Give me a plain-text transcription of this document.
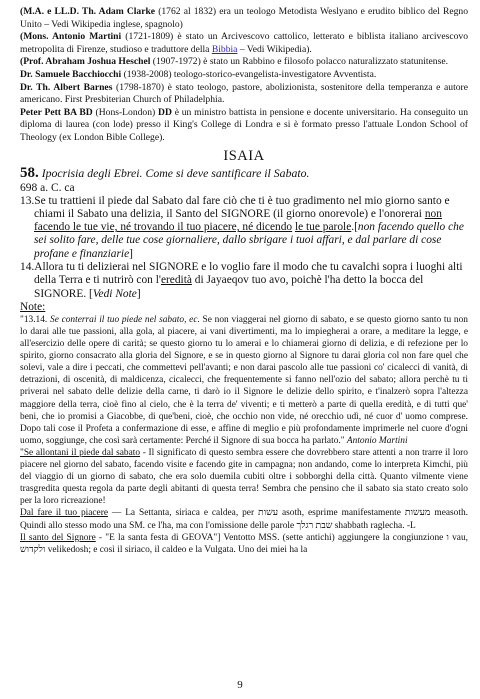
(M.A. e LL.D. Th. Adam Clarke (1762 al 1832) era un teologo Metodista Weslyano e erudito biblico del Regno Unito – Vedi Wikipedia inglese, spagnolo)

(Mons. Antonio Martini (1721-1809) è stato un Arcivescovo cattolico, letterato e biblista italiano arcivescovo metropolita di Firenze, studioso e traduttore della Bibbia – Vedi Wikipedia).

(Prof. Abraham Joshua Heschel (1907-1972) è stato un Rabbino e filosofo polacco naturalizzato statunitense.

Dr. Samuele Bacchiocchi (1938-2008) teologo-storico-evangelista-investigatore Avventista.

Dr. Th. Albert Barnes (1798-1870) è stato teologo, pastore, abolizionista, sostenitore della temperanza e autore americano. First Presbiterian Church of Philadelphia.

Peter Pett BA BD (Hons-London) DD è un ministro battista in pensione e docente universitario. Ha conseguito un diploma di laurea (con lode) presso il King's College di Londra e si è formato presso l'attuale London School of Theology (ex London Bible College).

ISAIA

58. Ipocrisia degli Ebrei. Come si deve santificare il Sabato.

698 a. C. ca

13.Se tu trattieni il piede dal Sabato dal fare ciò che ti è tuo gradimento nel mio giorno santo e chiami il Sabato una delizia, il Santo del SIGNORE (il giorno onorevole) e l'onorerai non facendo le tue vie, né trovando il tuo piacere, né dicendo le tue parole.[non facendo quello che sei solito fare, delle tue cose giornaliere, dallo sbrigare i tuoi affari, e dal parlare di cose profane e finanziarie]

14.Allora tu ti delizierai nel SIGNORE e lo voglio fare il modo che tu cavalchi sopra i luoghi alti della Terra e ti nutrirò con l'eredità di Jayaeqov tuo avo, poichè l'ha detto la bocca del SIGNORE. [Vedi Note]

Note:

"13.14. Se conterrai il tuo piede nel sabato, ec. Se non viaggerai nel giorno di sabato, e se questo giorno santo tu non lo darai alle tue passioni, alla gola, al piacere, ai vani divertimenti, ma lo impiegherai a orare, a meditare la legge, e all'esercizio delle opere di carità; se questo giorno tu lo amerai e lo chiamerai giorno di delizia, e di refezione per lo spirito, giorno consacrato alla gloria del Signore, e se in questo giorno al Signore tu darai gloria col non fare quel che solevi, vale a dire i peccati, che commettevi pell'avanti; e non darai pascolo alle tue passioni co' cicalecci di vanità, di detrazioni, di oscenità, di maldicenza, cicalecci, che frequentemente si fanno nell'ozio del sabato; allora perchè tu ti priverai nel sabato delle delizie della carne, ti darò io il Signore le delizie dello spirito, e t'inalzerò sopra l'altezza maggiore della terra, cioè fino al cielo, che è la terra de' viventi; e ti metterò a parte di quella eredità, e di tutti que' beni, che io promisi a Giacobbe, di que'beni, cioè, che occhio non vide, né orecchio udì, né cuor d' uomo comprese. Dopo tali cose il Profeta a confermazione di esse, e affine di meglio e più profondamente imprimerle nel cuore d'ogni uomo, soggiunge, che così sarà certamente: Perché il Signore di sua bocca ha parlato." Antonio Martini

"Se allontani il piede dal sabato - Il significato di questo sembra essere che dovrebbero stare attenti a non trarre il loro piacere nel giorno del sabato, facendo visite e facendo gite in campagna; non andando, come lo interpreta Kimchi, più del viaggio di un giorno di sabato, che era solo duemila cubiti oltre i sobborghi della città. Quanto vilmente viene trasgredita questa regola da parte degli abitanti di questa terra! Sembra che pensino che il sabato sia stato creato solo per la loro ricreazione!

Dal fare il tuo piacere — La Settanta, siriaca e caldea, per עשות asoth, esprime manifestamente מעשות measoth. Quindi allo stesso modo una SM. ce l'ha, ma con l'omissione delle parole שבת רגלך shabbath raglecha. -L

Il santo del Signore - "E la santa festa di GEOVA"] Ventotto MSS. (sette antichi) aggiungere la congiunzione ו vau, ולקדוש velikedosh; e così il siriaco, il caldeo e la Vulgata. Uno dei miei ha la

9
